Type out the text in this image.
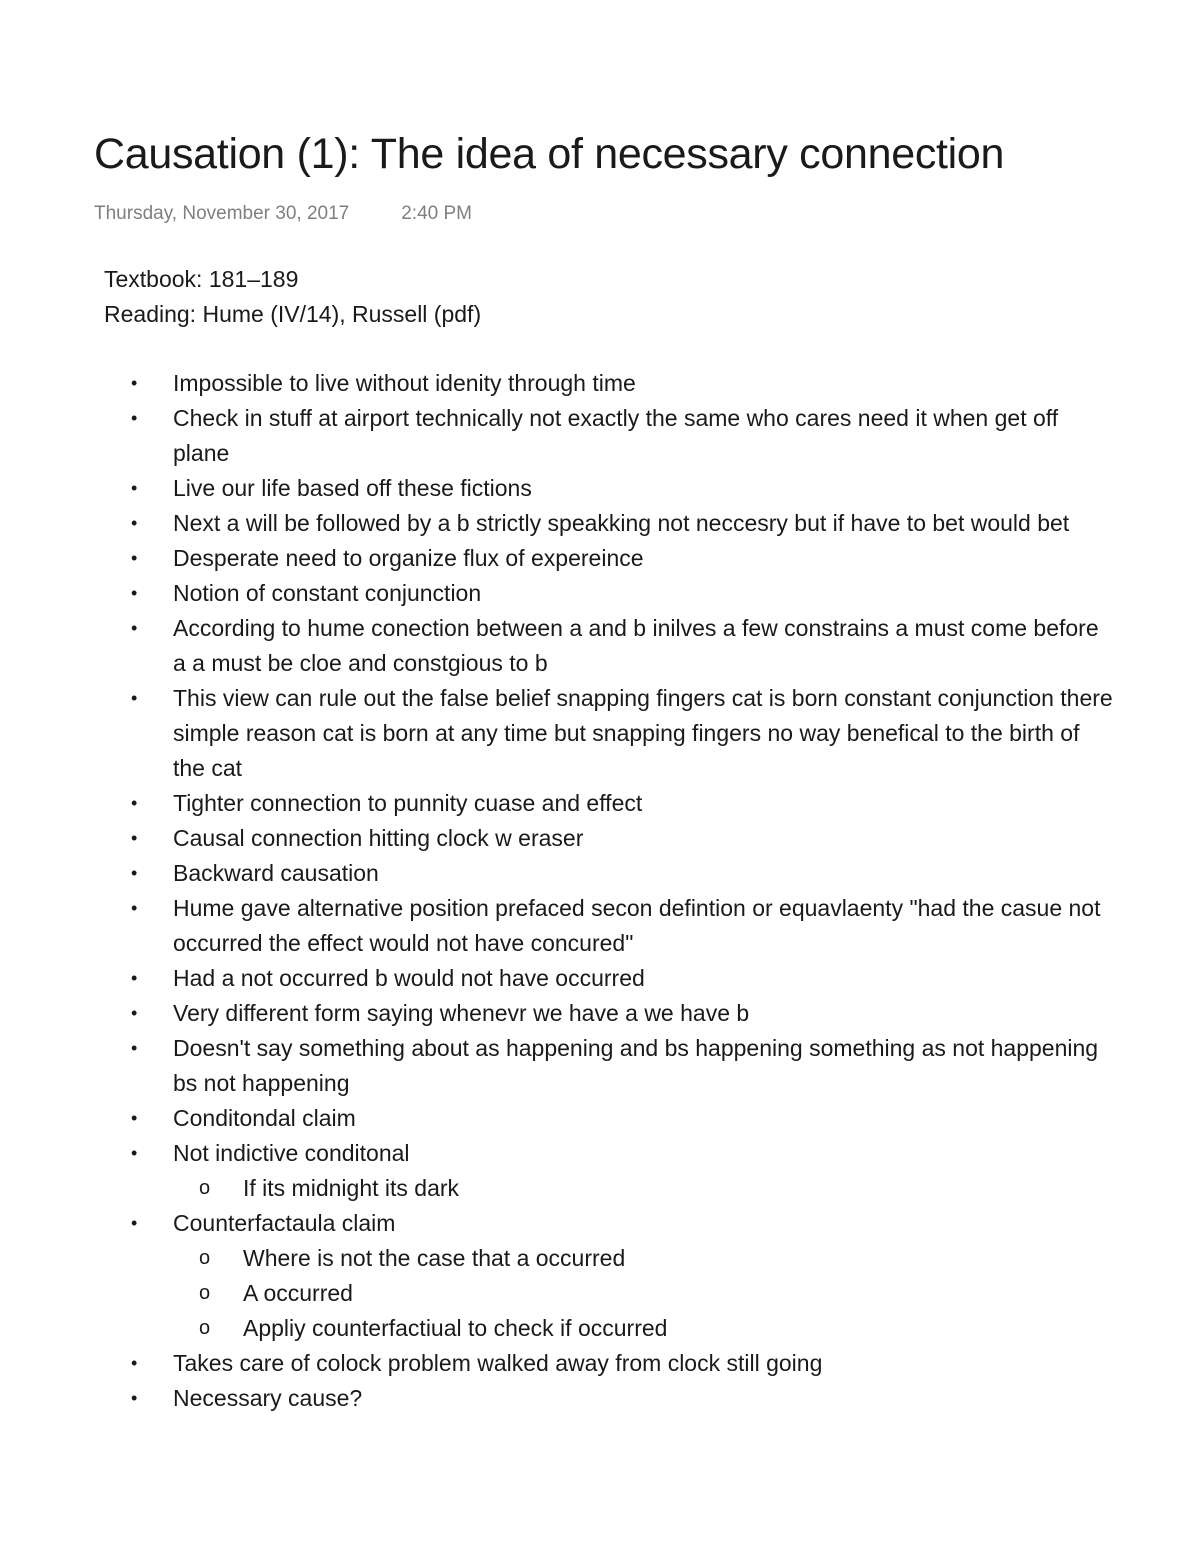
Causation (1): The idea of necessary connection
Thursday, November 30, 2017	2:40 PM
Textbook: 181–189
Reading: Hume (IV/14), Russell (pdf)
• Impossible to live without idenity through time
• Check in stuff at airport technically not exactly the same who cares need it when get off plane
• Live our life based off these fictions
• Next a will be followed by a b strictly speakking not neccesry but if have to bet would bet
• Desperate need to organize flux of expereince
• Notion of constant conjunction
• According to hume conection between a and b inilves a few constrains a must come before a a must be cloe and constgious to b
• This view can rule out the false belief snapping fingers cat is born constant conjunction there simple reason cat is born at any time but snapping fingers no way benefical to the birth of the cat
• Tighter connection to punnity cuase and effect
• Causal connection hitting clock w eraser
• Backward causation
• Hume gave alternative position prefaced secon defintion or equavlaenty "had the casue not occurred the effect would not have concured"
• Had a not occurred b would not have occurred
• Very different form saying whenevr we have a we have b
• Doesn't say something about as happening and bs happening something as not happening bs not happening
• Conditondal claim
• Not indictive conditonal
o If its midnight its dark
• Counterfactaula claim
o Where is not the case that a occurred
o A occurred
o Appliy counterfactiual to check if occurred
• Takes care of colock problem walked away from clock still going
• Necessary cause?
